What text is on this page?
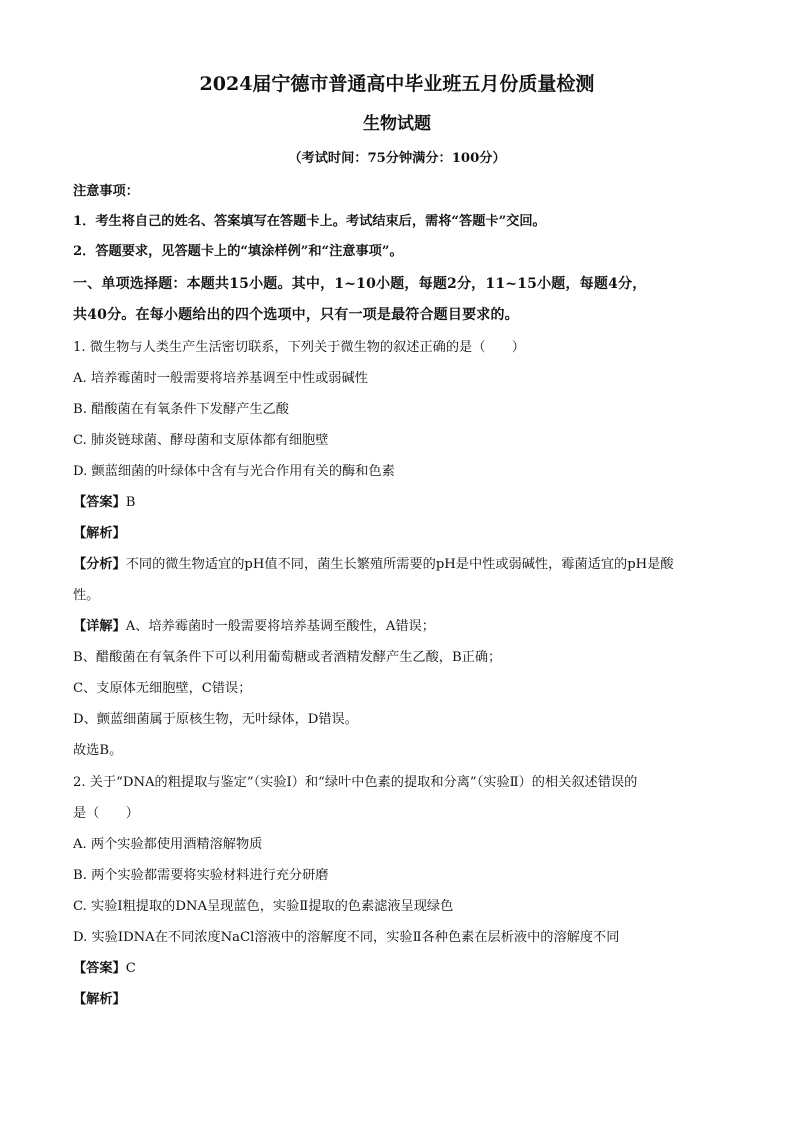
2024届宁德市普通高中毕业班五月份质量检测
生物试题
（考试时间：75分钟满分：100分）
注意事项：
1．考生将自己的姓名、答案填写在答题卡上。考试结束后，需将“答题卡”交回。
2．答题要求，见答题卡上的“填涂样例”和“注意事项”。
一、单项选择题：本题共15小题。其中，1~10小题，每题2分，11~15小题，每题4分，
共40分。在每小题给出的四个选项中，只有一项是最符合题目要求的。
1. 微生物与人类生产生活密切联系，下列关于微生物的叙述正确的是（　　）
A. 培养霉菌时一般需要将培养基调至中性或弱碱性
B. 醋酸菌在有氧条件下发酵产生乙酸
C. 肺炎链球菌、酵母菌和支原体都有细胞壁
D. 颤蓝细菌的叶绿体中含有与光合作用有关的酶和色素
【答案】B
【解析】
【分析】不同的微生物适宜的pH值不同，菌生长繁殖所需要的pH是中性或弱碱性，霉菌适宜的pH是酸
性。
【详解】A、培养霉菌时一般需要将培养基调至酸性，A错误；
B、醋酸菌在有氧条件下可以利用葡萄糖或者酒精发酵产生乙酸，B正确；
C、支原体无细胞壁，C错误；
D、颤蓝细菌属于原核生物，无叶绿体，D错误。
故选B。
2. 关于“DNA的粗提取与鉴定”（实验Ⅰ）和“绿叶中色素的提取和分离”（实验Ⅱ）的相关叙述错误的
是（　　）
A. 两个实验都使用酒精溶解物质
B. 两个实验都需要将实验材料进行充分研磨
C. 实验Ⅰ粗提取的DNA呈现蓝色，实验Ⅱ提取的色素滤液呈现绿色
D. 实验IDNA在不同浓度NaCl溶液中的溶解度不同，实验Ⅱ各种色素在层析液中的溶解度不同
【答案】C
【解析】
